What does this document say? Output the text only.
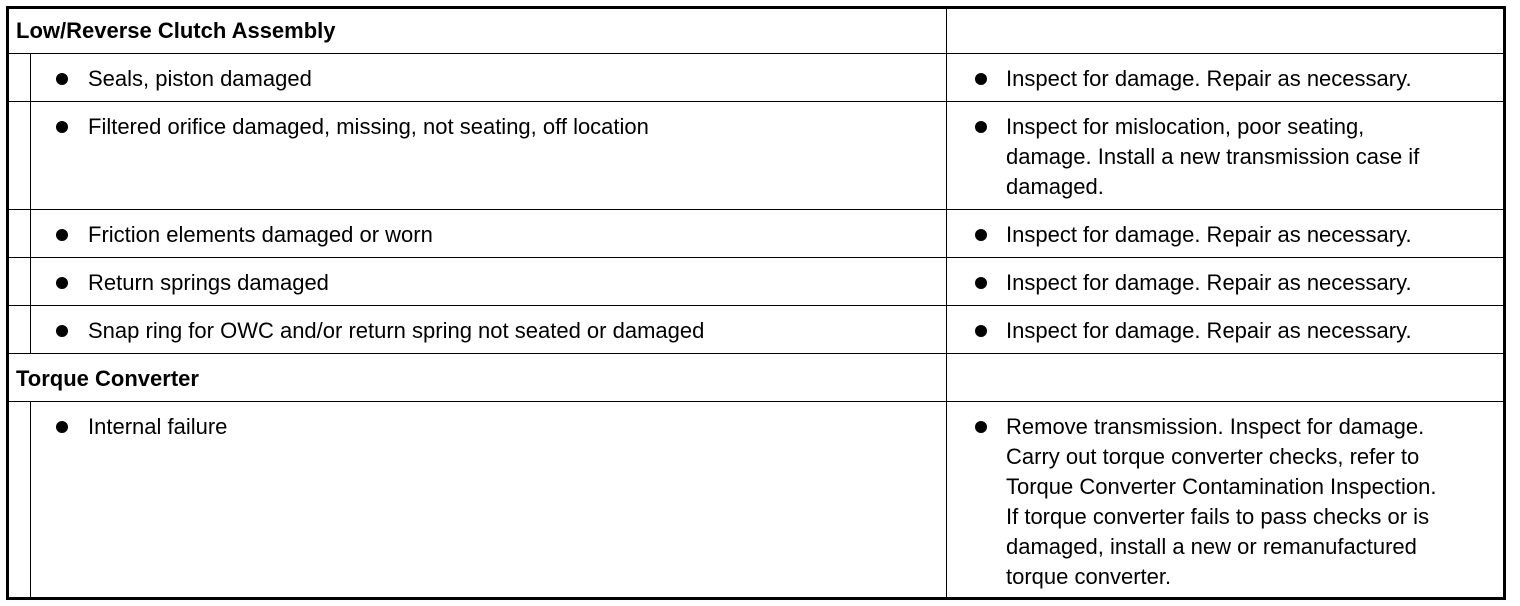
Low/Reverse Clutch Assembly
Seals, piston damaged	Inspect for damage. Repair as necessary.
Filtered orifice damaged, missing, not seating, off location	Inspect for mislocation, poor seating,
damage. Install a new transmission case if
damaged.
Friction elements damaged or worn	Inspect for damage. Repair as necessary.
Return springs damaged	Inspect for damage. Repair as necessary.
Snap ring for OWC and/or return spring not seated or damaged	Inspect for damage. Repair as necessary.
Torque Converter
Internal failure	Remove transmission. Inspect for damage.
Carry out torque converter checks, refer to
Torque Converter Contamination Inspection.
If torque converter fails to pass checks or is
damaged, install a new or remanufactured
torque converter.
